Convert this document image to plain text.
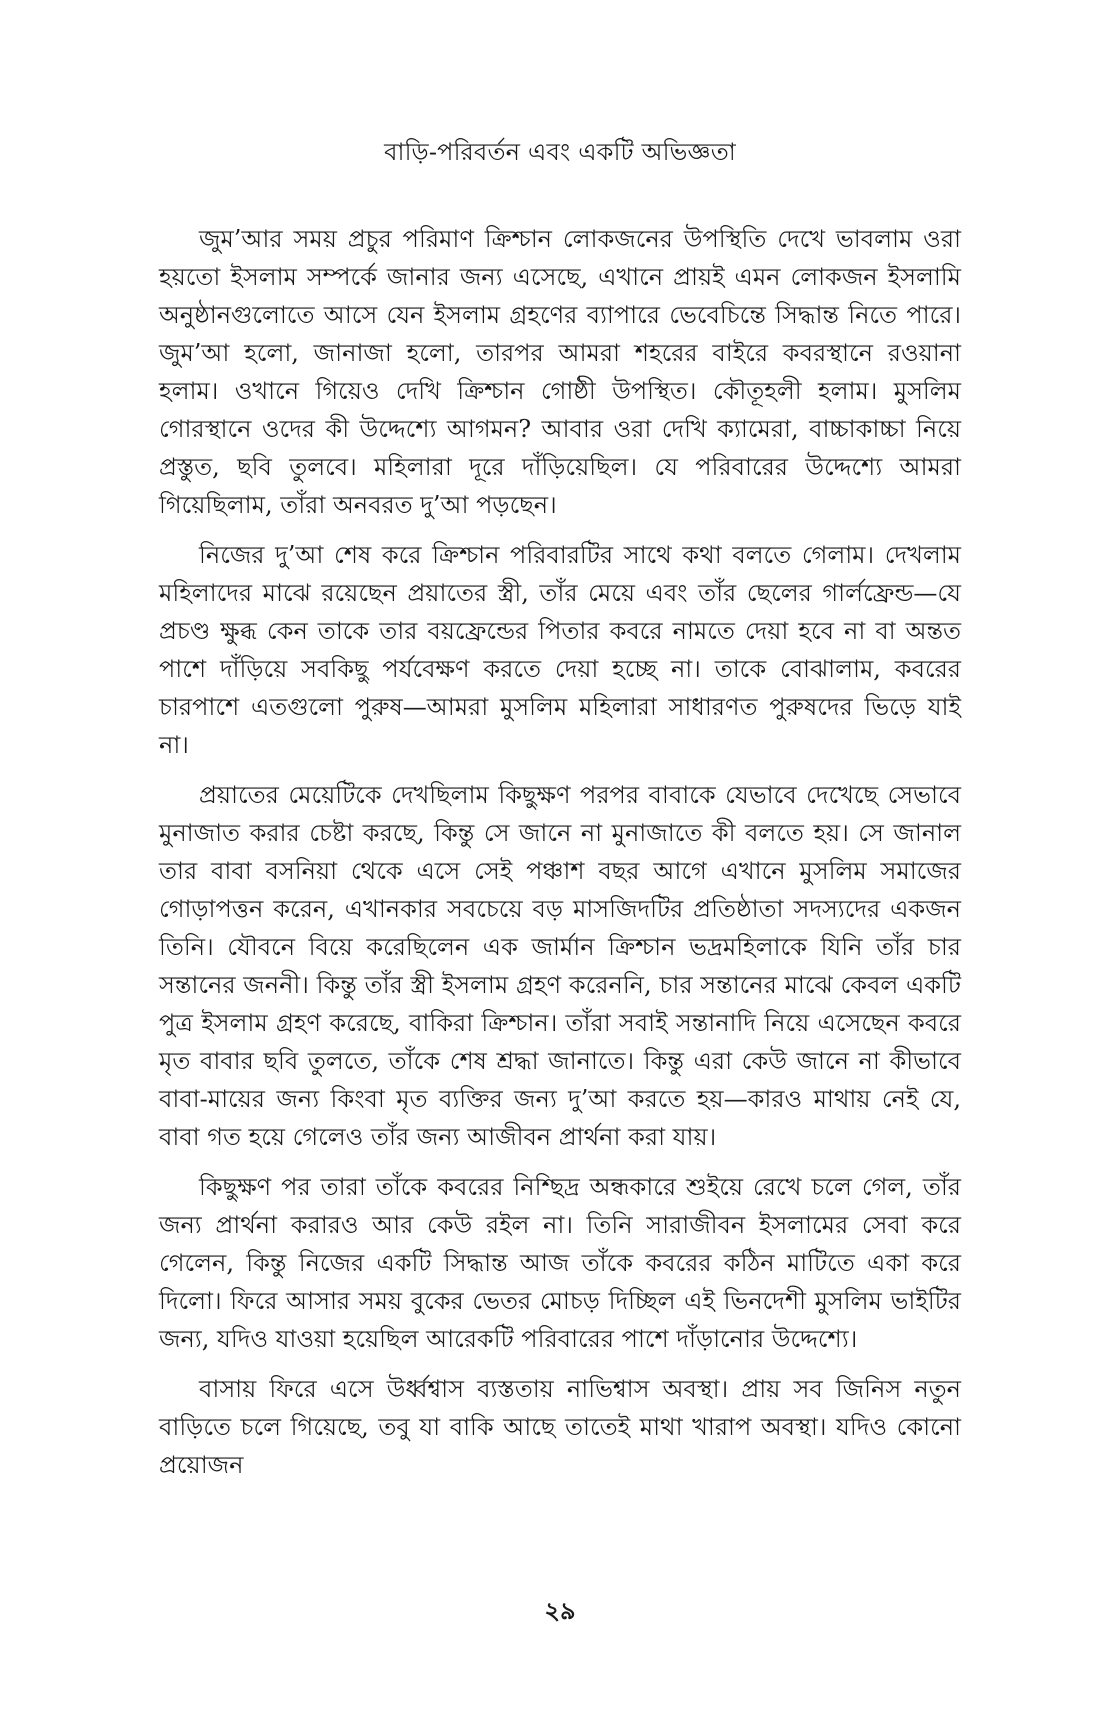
বাড়ি-পরিবর্তন এবং একটি অভিজ্ঞতা

জুম’আর সময় প্রচুর পরিমাণ ক্রিশ্চান লোকজনের উপস্থিতি দেখে ভাবলাম ওরা হয়তো ইসলাম সম্পর্কে জানার জন্য এসেছে, এখানে প্রায়ই এমন লোকজন ইসলামি অনুষ্ঠানগুলোতে আসে যেন ইসলাম গ্রহণের ব্যাপারে ভেবেচিন্তে সিদ্ধান্ত নিতে পারে। জুম’আ হলো, জানাজা হলো, তারপর আমরা শহরের বাইরে কবরস্থানে রওয়ানা হলাম। ওখানে গিয়েও দেখি ক্রিশ্চান গোষ্ঠী উপস্থিত। কৌতূহলী হলাম। মুসলিম গোরস্থানে ওদের কী উদ্দেশ্যে আগমন? আবার ওরা দেখি ক্যামেরা, বাচ্চাকাচ্চা নিয়ে প্রস্তুত, ছবি তুলবে। মহিলারা দূরে দাঁড়িয়েছিল। যে পরিবারের উদ্দেশ্যে আমরা গিয়েছিলাম, তাঁরা অনবরত দু’আ পড়ছেন।

নিজের দু’আ শেষ করে ক্রিশ্চান পরিবারটির সাথে কথা বলতে গেলাম। দেখলাম মহিলাদের মাঝে রয়েছেন প্রয়াতের স্ত্রী, তাঁর মেয়ে এবং তাঁর ছেলের গার্লফ্রেন্ড—যে প্রচণ্ড ক্ষুব্ধ কেন তাকে তার বয়ফ্রেন্ডের পিতার কবরে নামতে দেয়া হবে না বা অন্তত পাশে দাঁড়িয়ে সবকিছু পর্যবেক্ষণ করতে দেয়া হচ্ছে না। তাকে বোঝালাম, কবরের চারপাশে এতগুলো পুরুষ—আমরা মুসলিম মহিলারা সাধারণত পুরুষদের ভিড়ে যাই না।

প্রয়াতের মেয়েটিকে দেখছিলাম কিছুক্ষণ পরপর বাবাকে যেভাবে দেখেছে সেভাবে মুনাজাত করার চেষ্টা করছে, কিন্তু সে জানে না মুনাজাতে কী বলতে হয়। সে জানাল তার বাবা বসনিয়া থেকে এসে সেই পঞ্চাশ বছর আগে এখানে মুসলিম সমাজের গোড়াপত্তন করেন, এখানকার সবচেয়ে বড় মাসজিদটির প্রতিষ্ঠাতা সদস্যদের একজন তিনি। যৌবনে বিয়ে করেছিলেন এক জার্মান ক্রিশ্চান ভদ্রমহিলাকে যিনি তাঁর চার সন্তানের জননী। কিন্তু তাঁর স্ত্রী ইসলাম গ্রহণ করেননি, চার সন্তানের মাঝে কেবল একটি পুত্র ইসলাম গ্রহণ করেছে, বাকিরা ক্রিশ্চান। তাঁরা সবাই সন্তানাদি নিয়ে এসেছেন কবরে মৃত বাবার ছবি তুলতে, তাঁকে শেষ শ্রদ্ধা জানাতে। কিন্তু এরা কেউ জানে না কীভাবে বাবা-মায়ের জন্য কিংবা মৃত ব্যক্তির জন্য দু’আ করতে হয়—কারও মাথায় নেই যে, বাবা গত হয়ে গেলেও তাঁর জন্য আজীবন প্রার্থনা করা যায়।

কিছুক্ষণ পর তারা তাঁকে কবরের নিশ্ছিদ্র অন্ধকারে শুইয়ে রেখে চলে গেল, তাঁর জন্য প্রার্থনা করারও আর কেউ রইল না। তিনি সারাজীবন ইসলামের সেবা করে গেলেন, কিন্তু নিজের একটি সিদ্ধান্ত আজ তাঁকে কবরের কঠিন মাটিতে একা করে দিলো। ফিরে আসার সময় বুকের ভেতর মোচড় দিচ্ছিল এই ভিনদেশী মুসলিম ভাইটির জন্য, যদিও যাওয়া হয়েছিল আরেকটি পরিবারের পাশে দাঁড়ানোর উদ্দেশ্যে।

বাসায় ফিরে এসে উর্ধ্বশ্বাস ব্যস্ততায় নাভিশ্বাস অবস্থা। প্রায় সব জিনিস নতুন বাড়িতে চলে গিয়েছে, তবু যা বাকি আছে তাতেই মাথা খারাপ অবস্থা। যদিও কোনো প্রয়োজন

২৯
